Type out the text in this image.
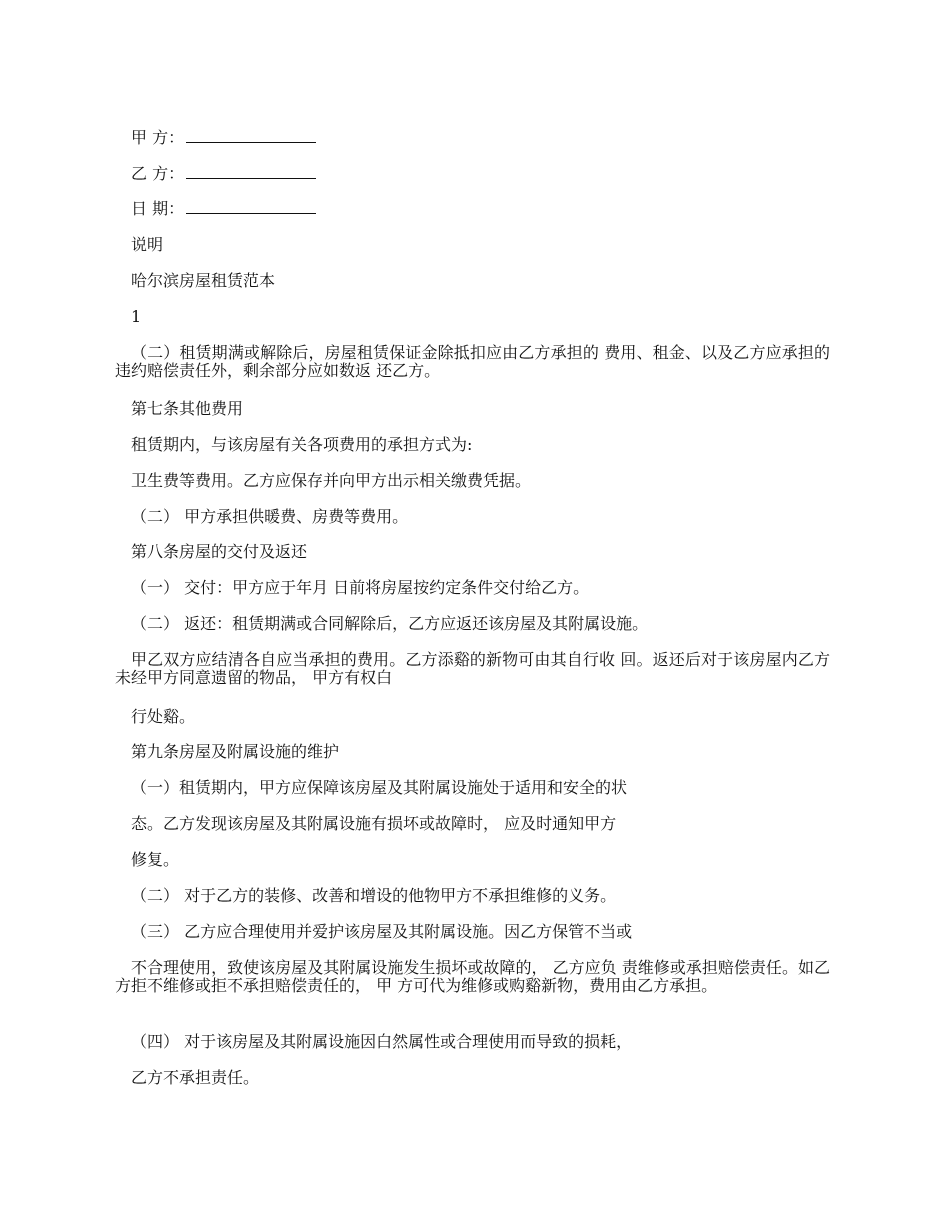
甲 方：
乙 方：
日 期：
说明
哈尔滨房屋租赁范本
1
（二）租赁期满或解除后，房屋租赁保证金除抵扣应由乙方承担的 费用、租金、以及乙方应承担的违约赔偿责任外，剩余部分应如数返 还乙方。
第七条其他费用
租赁期内，与该房屋有关各项费用的承担方式为:
卫生费等费用。乙方应保存并向甲方出示相关缴费凭据。
（二） 甲方承担供暖费、房费等费用。
第八条房屋的交付及返还
（一） 交付：甲方应于年月 日前将房屋按约定条件交付给乙方。
（二） 返还：租赁期满或合同解除后，乙方应返还该房屋及其附属设施。
甲乙双方应结清各自应当承担的费用。乙方添谿的新物可由其自行收 回。返还后对于该房屋内乙方未经甲方同意遗留的物品， 甲方有权白
行处谿。
第九条房屋及附属设施的维护
（一）租赁期内，甲方应保障该房屋及其附属设施处于适用和安全的状
态。乙方发现该房屋及其附属设施有损坏或故障时， 应及时通知甲方
修复。
（二） 对于乙方的装修、改善和增设的他物甲方不承担维修的义务。
（三） 乙方应合理使用并爱护该房屋及其附属设施。因乙方保管不当或
不合理使用，致使该房屋及其附属设施发生损坏或故障的， 乙方应负 责维修或承担赔偿责任。如乙方拒不维修或拒不承担赔偿责任的， 甲 方可代为维修或购谿新物，费用由乙方承担。
（四） 对于该房屋及其附属设施因白然属性或合理使用而导致的损耗，
乙方不承担责任。
